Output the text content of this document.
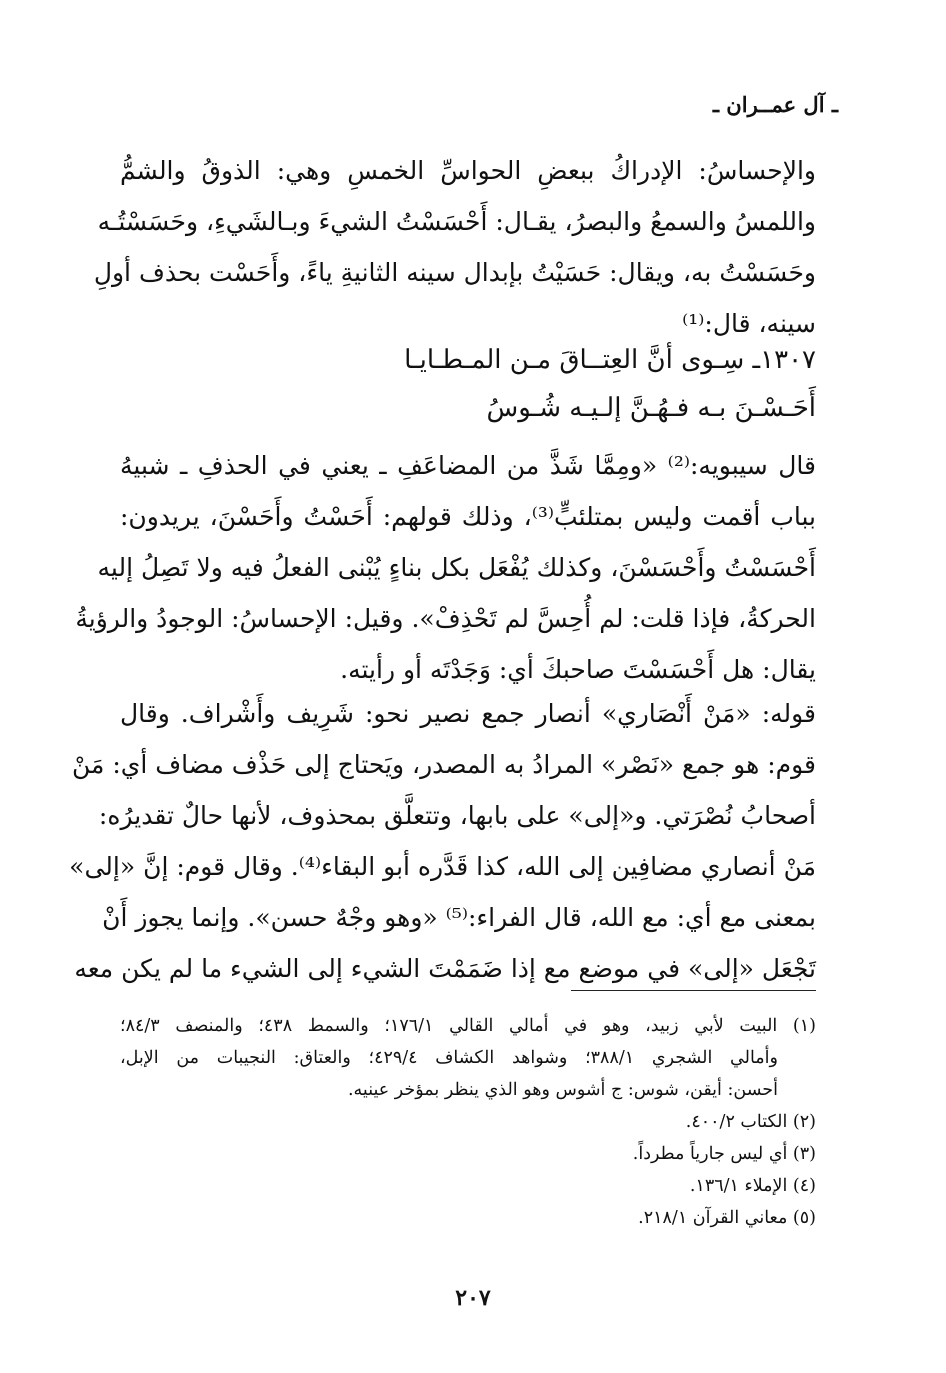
ـ آل عمــران ـ
والإحساسُ: الإدراكُ ببعضِ الحواسِّ الخمسِ وهي: الذوقُ والشمُّ
واللمسُ والسمعُ والبصرُ، يقـال: أَحْسَسْتُ الشيءَ وبـالشَيءِ، وحَسَسْتُـه
وحَسَسْتُ به، ويقال: حَسَيْتُ بإبدال سينه الثانيةِ ياءً، وأَحَسْت بحذف أولِ
سينه، قال:⁽¹⁾
١٣٠٧ـ سِـوى أنَّ العِتــاقَ مـن المـطـايـا
أَحَـسْـنَ بـه فـهُـنَّ إلـيـه شُـوسُ
قال سيبويه:⁽²⁾ «ومِمَّا شَذَّ من المضاعَفِ ـ يعني في الحذفِ ـ شبيهُ
بباب أقمت وليس بمتلئبٍّ⁽³⁾، وذلك قولهم: أَحَسْتُ وأَحَسْنَ، يريدون:
أَحْسَسْتُ وأَحْسَسْنَ، وكذلك يُفْعَل بكل بناءٍ يُبْنى الفعلُ فيه ولا تَصِلُ إليه
الحركةُ، فإذا قلت: لم أُحِسَّ لم تَحْذِفْ». وقيل: الإحساسُ: الوجودُ والرؤيةُ
يقال: هل أَحْسَسْتَ صاحبكَ أي: وَجَدْتَه أو رأيته.
قوله: «مَنْ أَنْصَاري» أنصار جمع نصير نحو: شَرِيف وأَشْراف. وقال
قوم: هو جمع «نَصْر» المرادُ به المصدر، ويَحتاج إلى حَذْف مضاف أي: مَنْ
أصحابُ نُصْرَتي. و«إلى» على بابها، وتتعلَّق بمحذوف، لأنها حالٌ تقديرُه:
مَنْ أنصاري مضافِين إلى الله، كذا قَدَّره أبو البقاء⁽⁴⁾. وقال قوم: إنَّ «إلى»
بمعنى مع أي: مع الله، قال الفراء:⁽⁵⁾ «وهو وجْهٌ حسن». وإنما يجوز أَنْ
تَجْعَل «إلى» في موضع مع إذا ضَمَمْتَ الشيء إلى الشيء ما لم يكن معه
(١) البيت لأبي زبيد، وهو في أمالي القالي ١٧٦/١؛ والسمط ٤٣٨؛ والمنصف ٨٤/٣؛
وأمالي الشجري ٣٨٨/١؛ وشواهد الكشاف ٤٢٩/٤؛ والعتاق: النجيبات من الإبل،
أحسن: أيقن، شوس: ج أشوس وهو الذي ينظر بمؤخر عينيه.
(٢) الكتاب ٤٠٠/٢.
(٣) أي ليس جارياً مطرداً.
(٤) الإملاء ١٣٦/١.
(٥) معاني القرآن ٢١٨/١.
٢٠٧
